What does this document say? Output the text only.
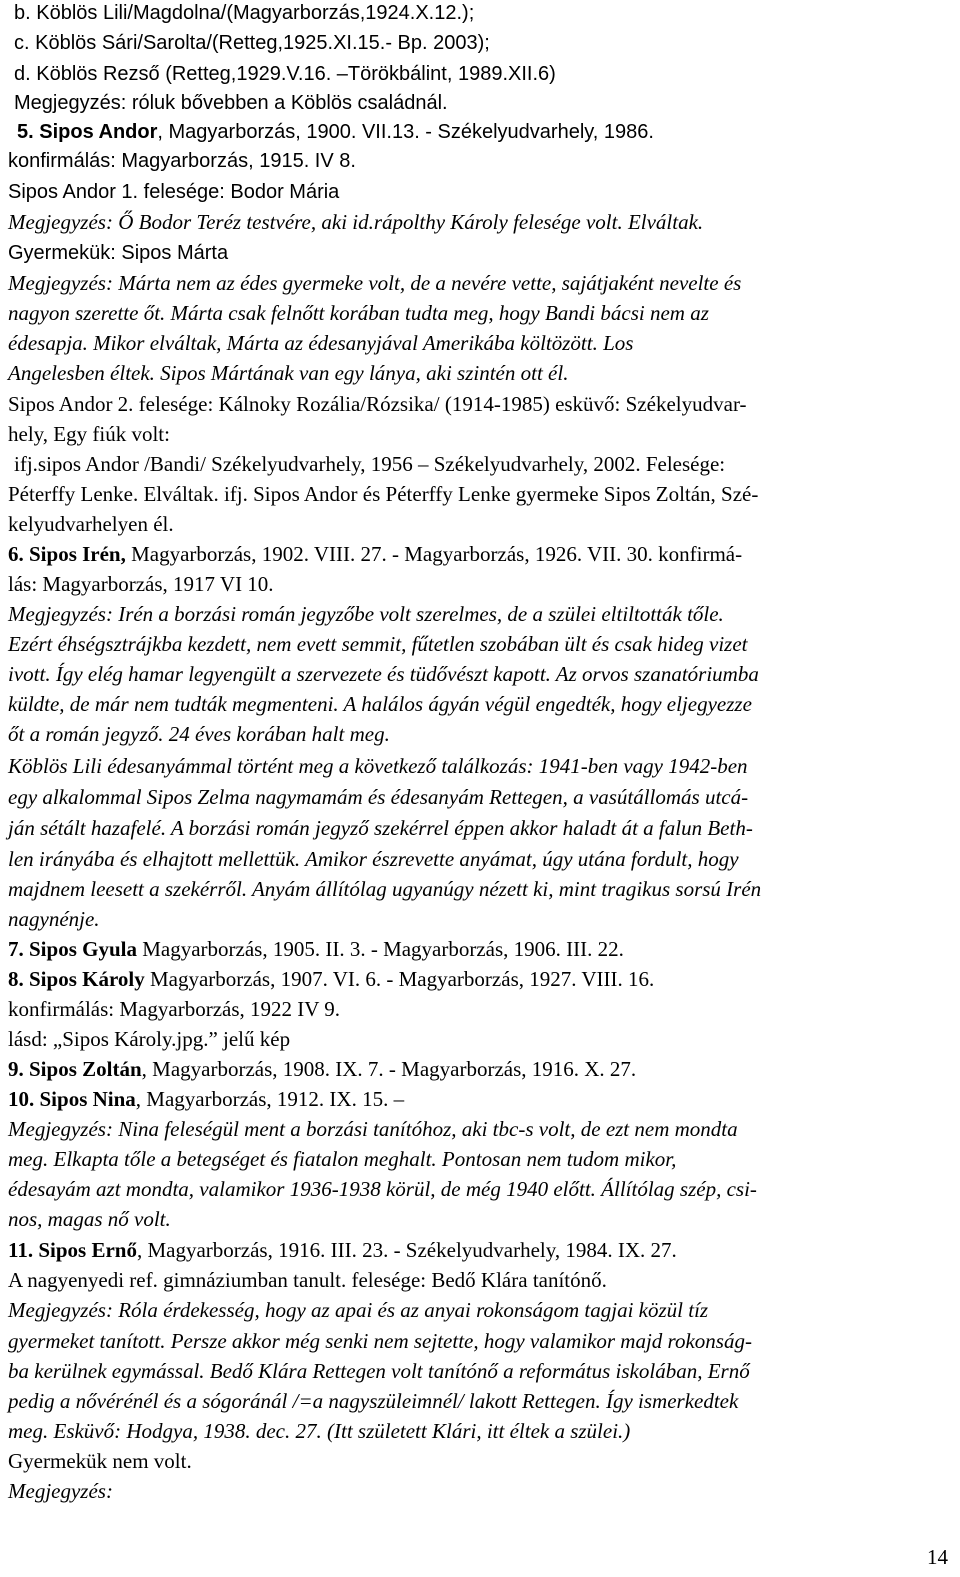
b. Köblös Lili/Magdolna/(Magyarborzás,1924.X.12.);
c. Köblös Sári/Sarolta/(Retteg,1925.XI.15.- Bp. 2003);
d. Köblös Rezső (Retteg,1929.V.16. –Törökbálint, 1989.XII.6)
Megjegyzés: róluk bővebben a Köblös családnál.
5. Sipos Andor, Magyarborzás, 1900. VII.13. - Székelyudvarhely, 1986.
konfirmálás: Magyarborzás, 1915. IV 8.
Sipos Andor 1. felesége: Bodor Mária
Megjegyzés: Ő Bodor Teréz testvére, aki id.rápolthy Károly felesége volt. Elváltak.
Gyermekük: Sipos Márta
Megjegyzés: Márta nem az édes gyermeke volt, de a nevére vette, sajátjaként nevelte és
nagyon szerette őt. Márta csak felnőtt korában tudta meg, hogy Bandi bácsi nem az
édesapja. Mikor elváltak, Márta az édesanyjával Amerikába költözött. Los
Angelesben éltek. Sipos Mártának van egy lánya, aki szintén ott él.
Sipos Andor 2. felesége: Kálnoky Rozália/Rózsika/ (1914-1985) esküvő: Székelyudvar-
hely, Egy fiúk volt:
ifj.sipos Andor /Bandi/ Székelyudvarhely, 1956 – Székelyudvarhely, 2002. Felesége:
Péterffy Lenke. Elváltak. ifj. Sipos Andor és Péterffy Lenke gyermeke Sipos Zoltán, Szé-
kelyudvarhelyen él.
6. Sipos Irén, Magyarborzás, 1902. VIII. 27. - Magyarborzás, 1926. VII. 30. konfirmá-
lás: Magyarborzás, 1917 VI 10.
Megjegyzés: Irén a borzási román jegyzőbe volt szerelmes, de a szülei eltiltották tőle.
Ezért éhségsztrájkba kezdett, nem evett semmit, fűtetlen szobában ült és csak hideg vizet
ivott. Így elég hamar legyengült a szervezete és tüdővészt kapott. Az orvos szanatóriumba
küldte, de már nem tudták megmenteni. A halálos ágyán végül engedték, hogy eljegyezze
őt a román jegyző. 24 éves korában halt meg.
Köblös Lili édesanyámmal történt meg a következő találkozás: 1941-ben vagy 1942-ben
egy alkalommal Sipos Zelma nagymamám és édesanyám Rettegen, a vasútállomás utcá-
ján sétált hazafelé. A borzási román jegyző szekérrel éppen akkor haladt át a falun Beth-
len irányába és elhajtott mellettük. Amikor észrevette anyámat, úgy utána fordult, hogy
majdnem leesett a szekérről. Anyám állítólag ugyanúgy nézett ki, mint tragikus sorsú Irén
nagynénje.
7. Sipos Gyula Magyarborzás, 1905. II. 3. - Magyarborzás, 1906. III. 22.
8. Sipos Károly Magyarborzás, 1907. VI. 6. - Magyarborzás, 1927. VIII. 16.
konfirmálás: Magyarborzás, 1922 IV 9.
lásd: „Sipos Károly.jpg.” jelű kép
9. Sipos Zoltán, Magyarborzás, 1908. IX. 7. - Magyarborzás, 1916. X. 27.
10. Sipos Nina, Magyarborzás, 1912. IX. 15. –
Megjegyzés: Nina feleségül ment a borzási tanítóhoz, aki tbc-s volt, de ezt nem mondta
meg. Elkapta tőle a betegséget és fiatalon meghalt. Pontosan nem tudom mikor,
édesayám azt mondta, valamikor 1936-1938 körül, de még 1940 előtt. Állítólag szép, csi-
nos, magas nő volt.
11. Sipos Ernő, Magyarborzás, 1916. III. 23. - Székelyudvarhely, 1984. IX. 27.
A nagyenyedi ref. gimnáziumban tanult. felesége: Bedő Klára tanítónő.
Megjegyzés: Róla érdekesség, hogy az apai és az anyai rokonságom tagjai közül tíz
gyermeket tanított. Persze akkor még senki nem sejtette, hogy valamikor majd rokonság-
ba kerülnek egymással. Bedő Klára Rettegen volt tanítónő a református iskolában, Ernő
pedig a nővérénél és a sógoránál /=a nagyszüleimnél/ lakott Rettegen. Így ismerkedtek
meg. Esküvő: Hodgya, 1938. dec. 27. (Itt született Klári, itt éltek a szülei.)
Gyermekük nem volt.
Megjegyzés:
14
